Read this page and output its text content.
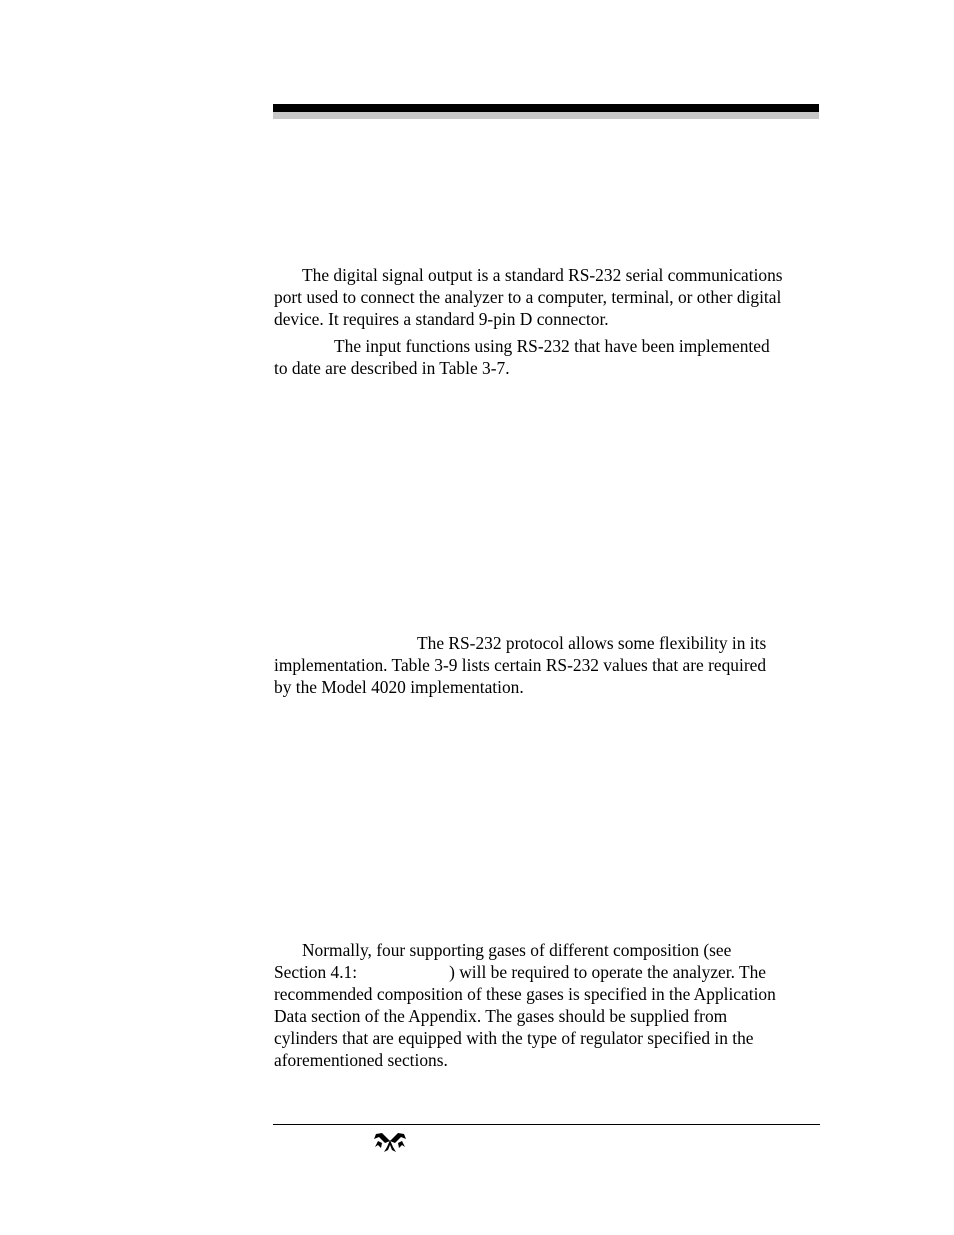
The digital signal output is a standard RS-232 serial communications
port used to connect the analyzer to a computer, terminal, or other digital
device. It requires a standard 9-pin D connector.

The input functions using RS-232 that have been implemented
to date are described in Table 3-7.

The RS-232 protocol allows some flexibility in its
implementation. Table 3-9 lists certain RS-232 values that are required
by the Model 4020 implementation.

Normally, four supporting gases of different composition (see
Section 4.1:	) will be required to operate the analyzer. The
recommended composition of these gases is specified in the Application
Data section of the Appendix. The gases should be supplied from
cylinders that are equipped with the type of regulator specified in the
aforementioned sections.
